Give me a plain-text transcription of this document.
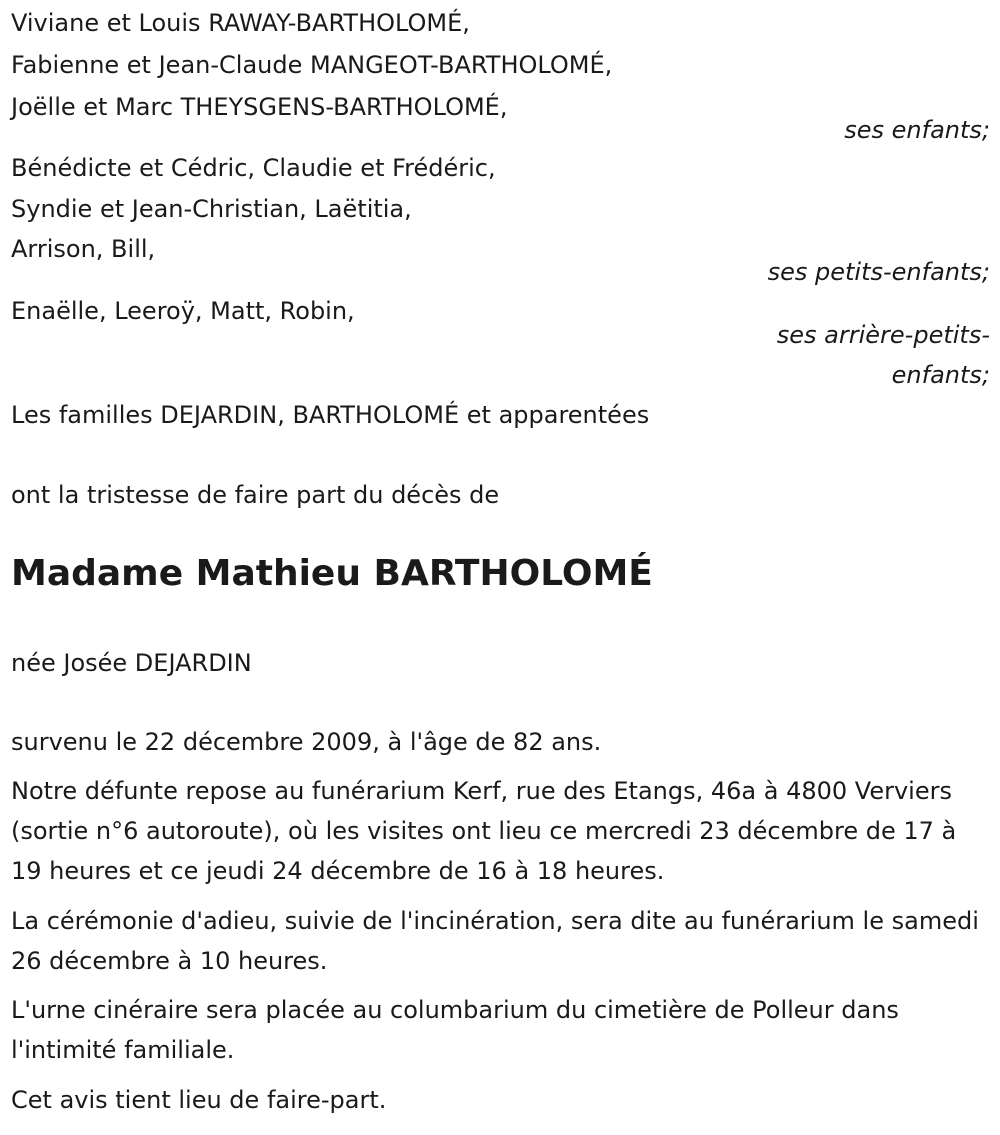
Viviane et Louis RAWAY-BARTHOLOMÉ,
Fabienne et Jean-Claude MANGEOT-BARTHOLOMÉ,
Joëlle et Marc THEYSGENS-BARTHOLOMÉ,
ses enfants;
Bénédicte et Cédric, Claudie et Frédéric,
Syndie et Jean-Christian, Laëtitia,
Arrison, Bill,
ses petits-enfants;
Enaëlle, Leeroÿ, Matt, Robin,
ses arrière-petits-
enfants;
Les familles DEJARDIN, BARTHOLOMÉ et apparentées
ont la tristesse de faire part du décès de
Madame Mathieu BARTHOLOMÉ
née Josée DEJARDIN
survenu le 22 décembre 2009, à l'âge de 82 ans.
Notre défunte repose au funérarium Kerf, rue des Etangs, 46a à 4800 Verviers (sortie n°6 autoroute), où les visites ont lieu ce mercredi 23 décembre de 17 à 19 heures et ce jeudi 24 décembre de 16 à 18 heures.
La cérémonie d'adieu, suivie de l'incinération, sera dite au funérarium le samedi 26 décembre à 10 heures.
L'urne cinéraire sera placée au columbarium du cimetière de Polleur dans l'intimité familiale.
Cet avis tient lieu de faire-part.
